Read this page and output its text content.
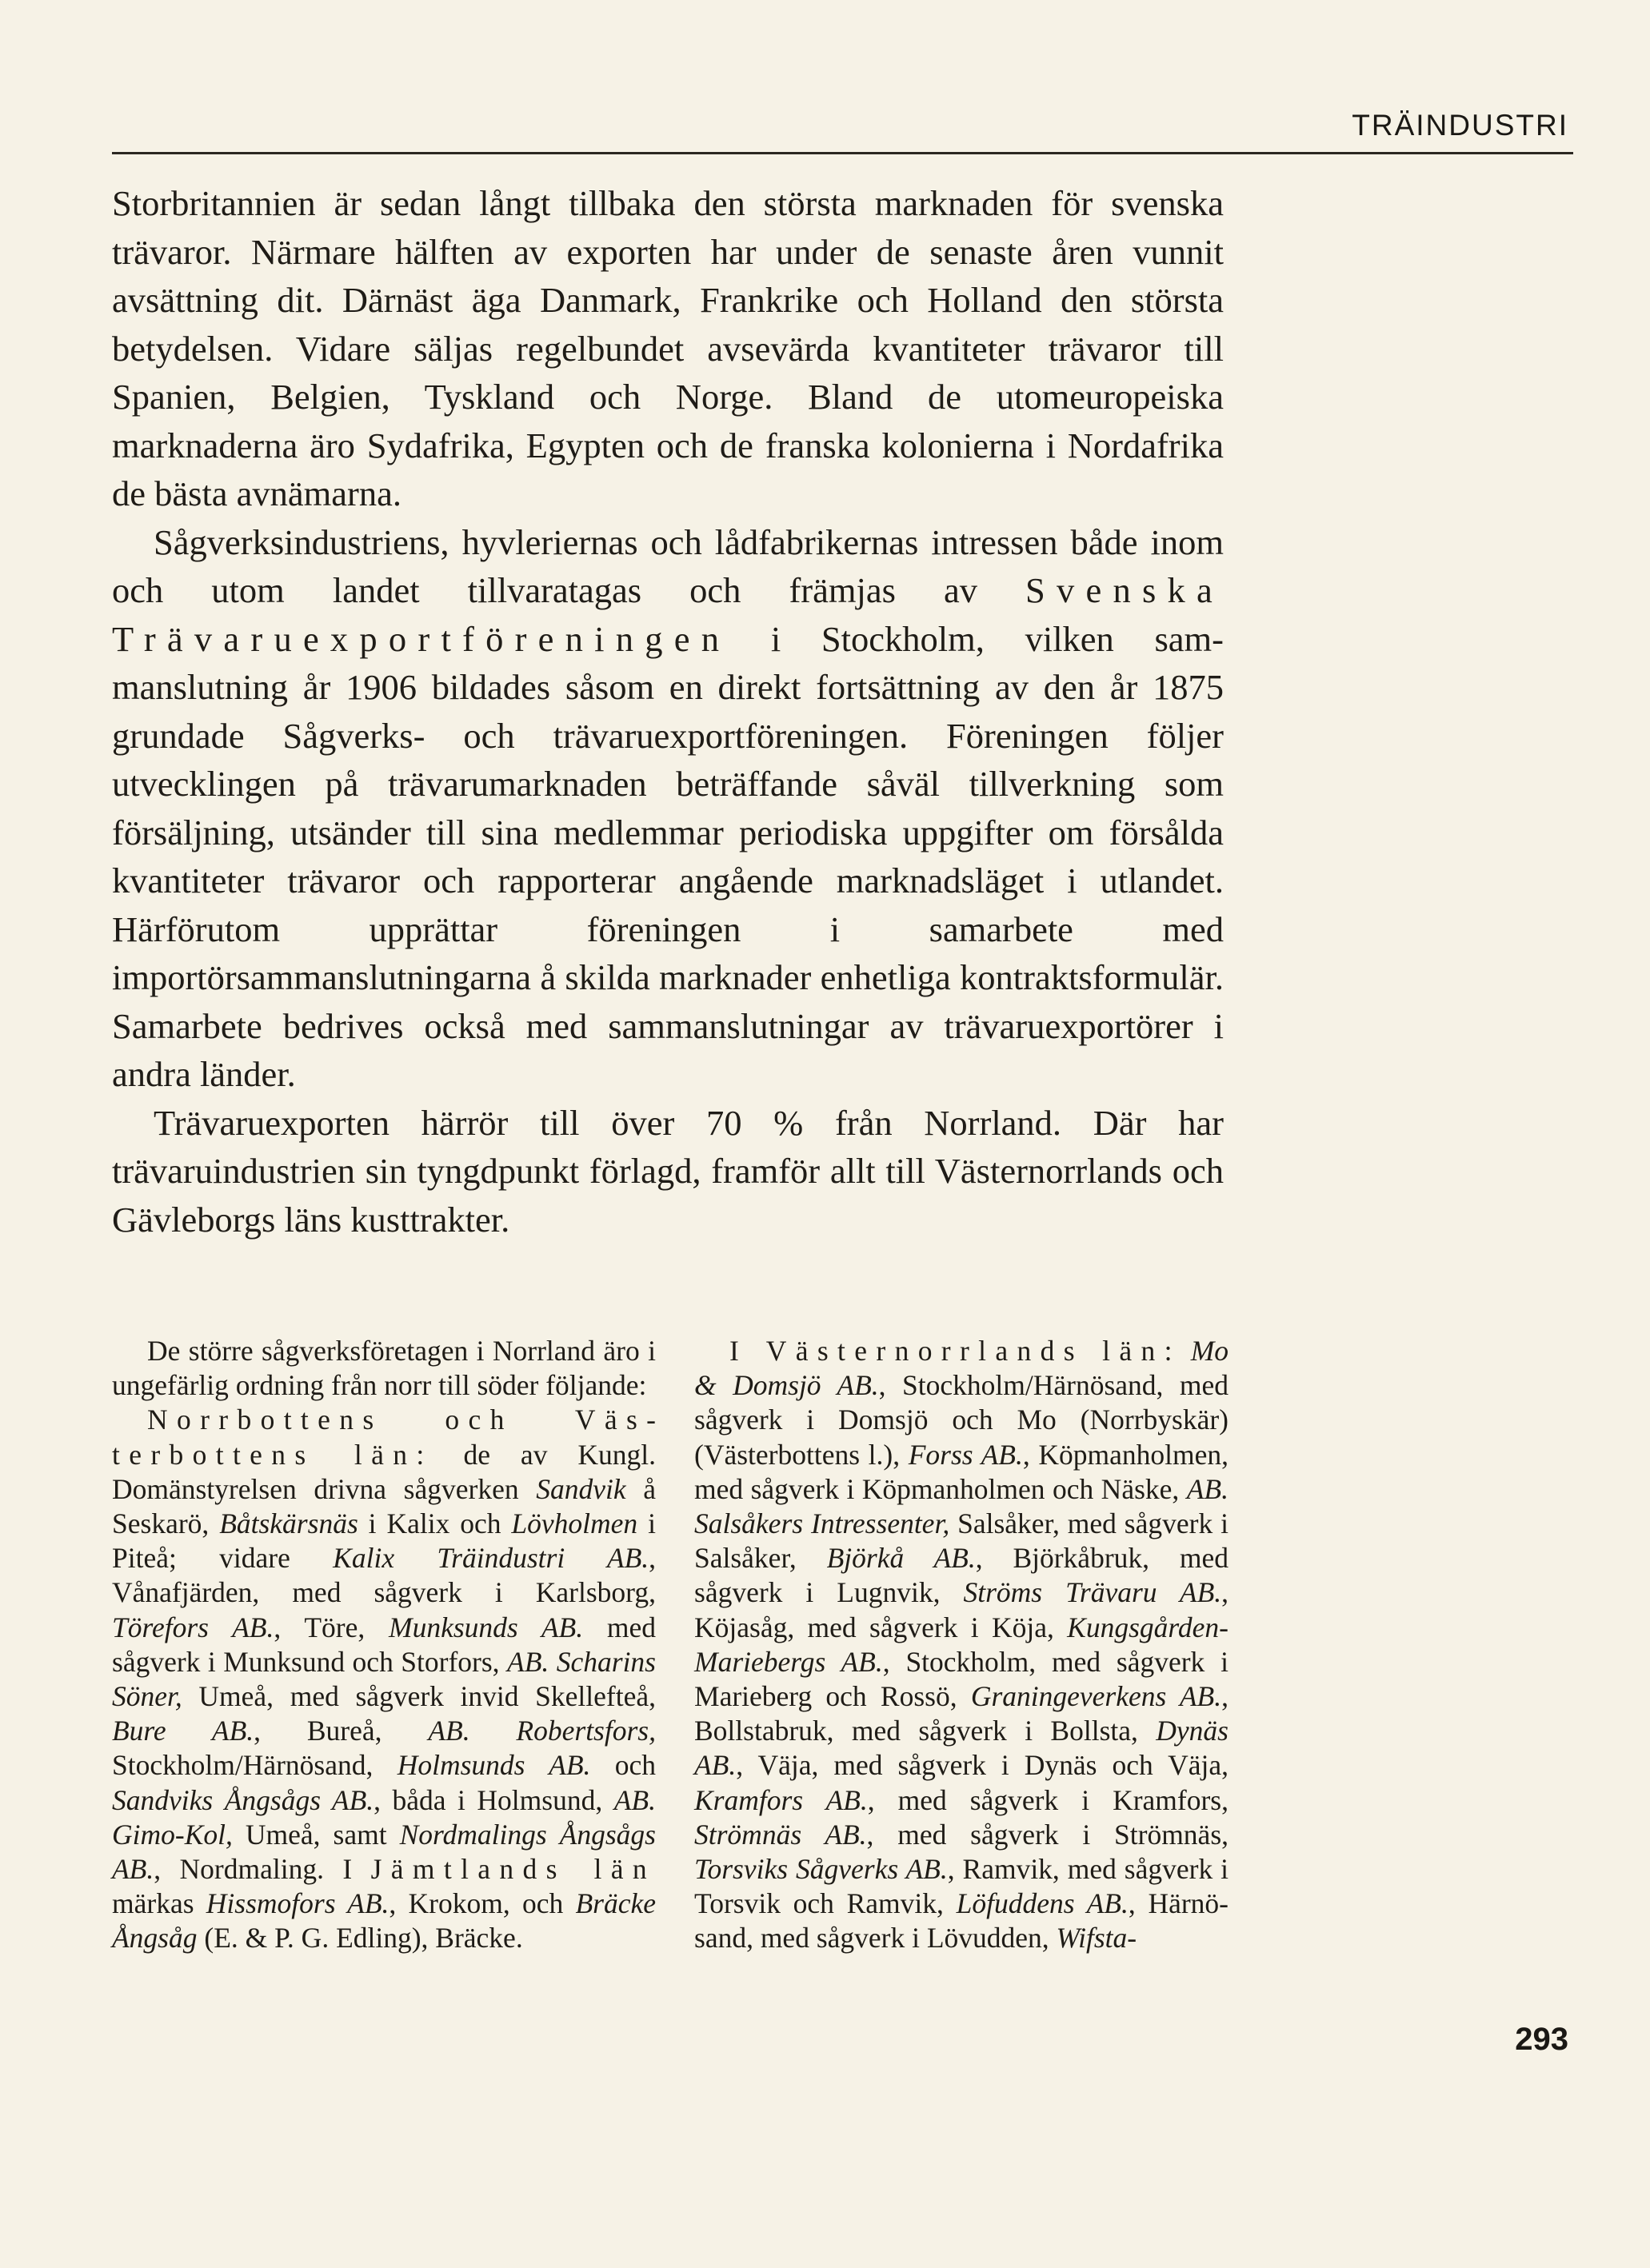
TRÄINDUSTRI

Storbritannien är sedan långt tillbaka den största marknaden för svenska trävaror. Närmare hälften av exporten har under de senaste åren vunnit avsättning dit. Därnäst äga Danmark, Frankrike och Holland den största betydelsen. Vidare säljas regelbundet avsevärda kvantiteter trävaror till Spanien, Belgien, Tyskland och Norge. Bland de utomeuropeiska marknaderna äro Sydafrika, Egypten och de franska kolonierna i Nordafrika de bästa avnämarna.

Sågverksindustriens, hyvleriernas och lådfabrikernas intressen både inom och utom landet tillvaratagas och främjas av Svenska Trävaruexportföreningen i Stockholm, vilken sammanslutning år 1906 bildades såsom en direkt fortsättning av den år 1875 grundade Sågverks- och trävaruexportföreningen. Föreningen följer utvecklingen på trävarumarknaden beträffande såväl tillverkning som försäljning, utsänder till sina medlemmar periodiska uppgifter om försålda kvantiteter trävaror och rapporterar angående marknadsläget i utlandet. Härförutom upprättar föreningen i samarbete med importörsammanslutningarna å skilda marknader enhetliga kontraktsformulär. Samarbete bedrives också med sammanslutningar av trävaruexportörer i andra länder.

Trävaruexporten härrör till över 70 % från Norrland. Där har trävaruindustrien sin tyngdpunkt förlagd, framför allt till Västernorrlands och Gävleborgs läns kusttrakter.

De större sågverksföretagen i Norrland äro i ungefärlig ordning från norr till söder följande:

Norrbottens och Västerbottens län: de av Kungl. Domänstyrelsen drivna sågverken Sandvik å Seskarö, Båtskärsnäs i Kalix och Lövholmen i Piteå; vidare Kalix Träindustri AB., Vånafjärden, med sågverk i Karlsborg, Törefors AB., Töre, Munksunds AB. med sågverk i Munksund och Storfors, AB. Scharins Söner, Umeå, med sågverk invid Skellefteå, Bure AB., Bureå, AB. Robertsfors, Stockholm/Härnösand, Holmsunds AB. och Sandviks Ångsågs AB., båda i Holmsund, AB. Gimo-Kol, Umeå, samt Nordmalings Ångsågs AB., Nordmaling. I Jämtlands län märkas Hissmofors AB., Krokom, och Bräcke Ångsåg (E. & P. G. Edling), Bräcke.

I Västernorrlands län: Mo & Domsjö AB., Stockholm/Härnösand, med sågverk i Domsjö och Mo (Norrbyskär) (Västerbottens l.), Forss AB., Köpmanholmen, med sågverk i Köpmanholmen och Näske, AB. Salsåkers Intressenter, Salsåker, med sågverk i Salsåker, Björkå AB., Björkåbruk, med sågverk i Lugnvik, Ströms Trävaru AB., Köjasåg, med sågverk i Köja, Kungsgården-Mariebergs AB., Stockholm, med sågverk i Marieberg och Rossö, Graningeverkens AB., Bollstabruk, med sågverk i Bollsta, Dynäs AB., Väja, med sågverk i Dynäs och Väja, Kramfors AB., med sågverk i Kramfors, Strömnäs AB., med sågverk i Strömnäs, Torsviks Sågverks AB., Ramvik, med sågverk i Torsvik och Ramvik, Löfuddens AB., Härnösand, med sågverk i Lövudden, Wifsta-

293
